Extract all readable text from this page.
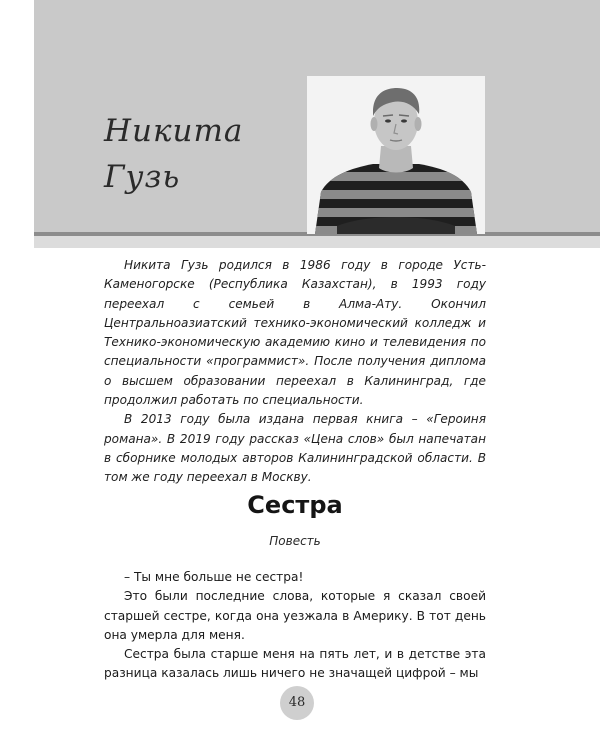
Никита
Гузь

Никита Гузь родился в 1986 году в городе Усть-Каменогорске (Республика Казахстан), в 1993 году переехал с семьей в Алма-Ату. Окончил Центральноазиатский технико-экономический колледж и Технико-экономическую академию кино и телевидения по специальности «программист». После получения диплома о высшем образовании переехал в Калининград, где продолжил работать по специальности.

В 2013 году была издана первая книга – «Героиня романа». В 2019 году рассказ «Цена слов» был напечатан в сборнике молодых авторов Калининградской области. В том же году переехал в Москву.

Сестра
Повесть

– Ты мне больше не сестра!

Это были последние слова, которые я сказал своей старшей сестре, когда она уезжала в Америку. В тот день она умерла для меня.

Сестра была старше меня на пять лет, и в детстве эта разница казалась лишь ничего не значащей цифрой – мы

48
